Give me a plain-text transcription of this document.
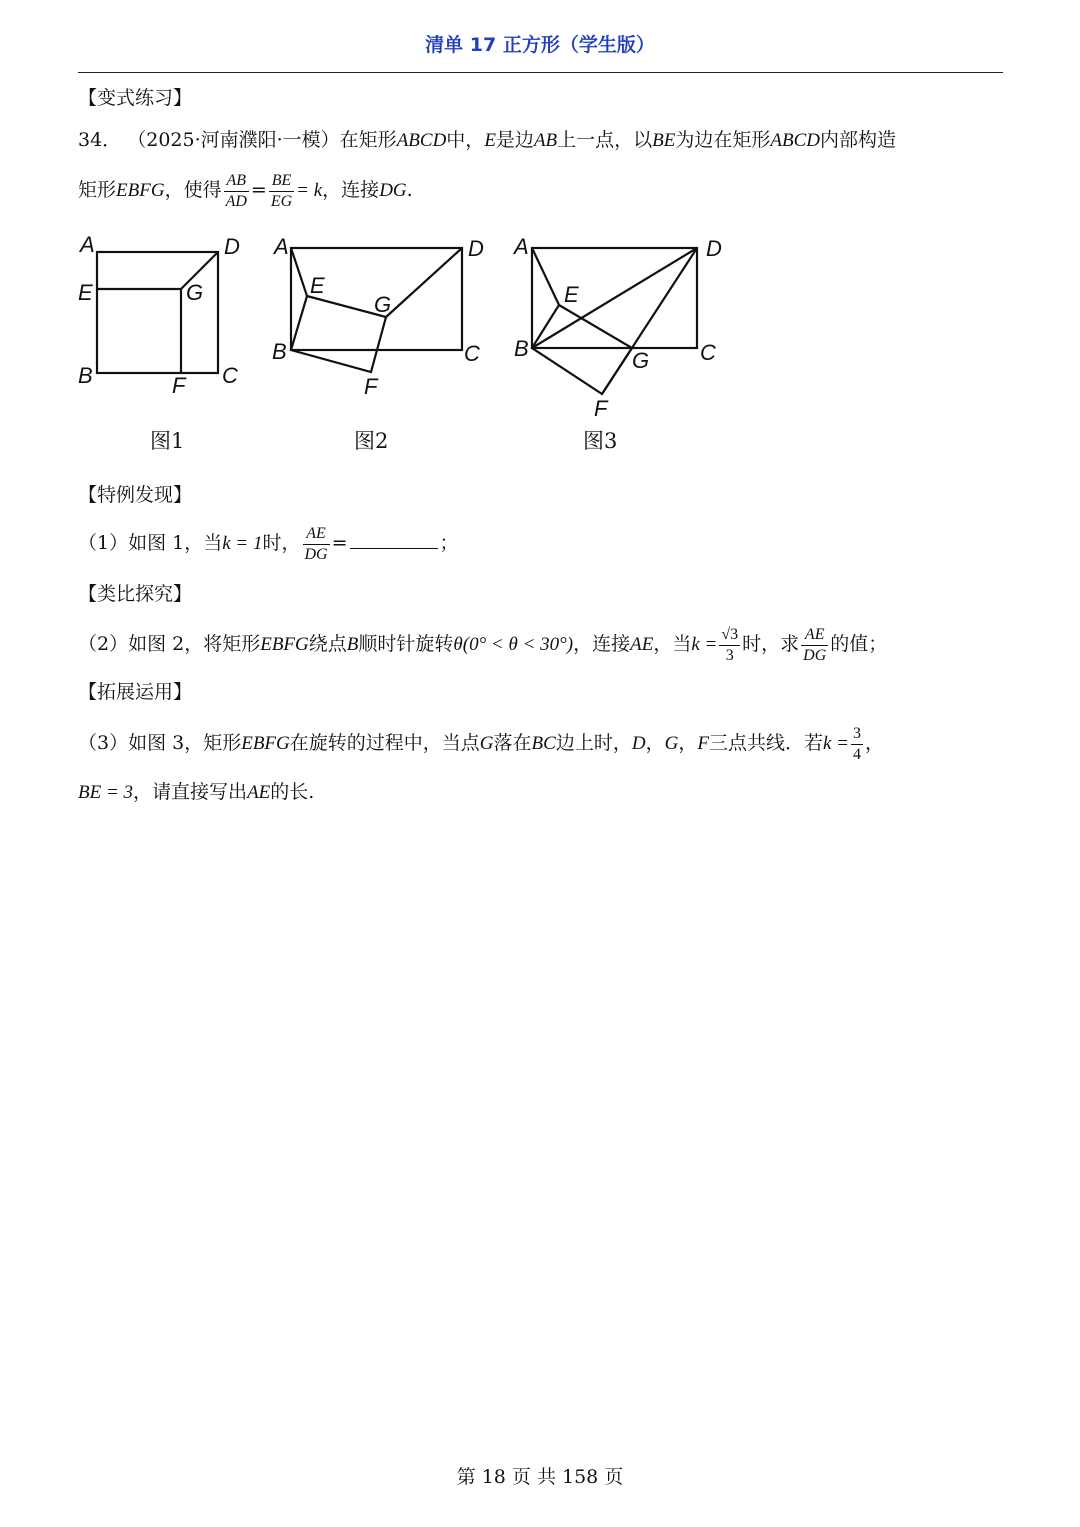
清单 17 正方形（学生版）
【变式练习】
34． （2025·河南濮阳·一模）在矩形ABCD中，E是边AB上一点，以BE为边在矩形ABCD内部构造
矩形EBFG，使得 $\frac{AB}{AD} = \frac{BE}{EG} = k$，连接DG.
A	D
E	G
B	F C
图1
A	D
E
G
B	C
F
图2
A	D
E
B	G C
F
图3
【特例发现】
（1）如图 1，当k = 1时， $\frac{AE}{DG}$ =	；
【类比探究】
（2）如图 2，将矩形EBFG绕点B顺时针旋转θ(0° < θ < 30°)，连接AE，当$k = \frac{√3}{3}$ 时，求 $\frac{AE}{DG}$ 的值；
【拓展运用】
（3）如图 3，矩形EBFG在旋转的过程中，当点G落在BC边上时，D，G，F三点共线．若$k = \frac{3}{4}$ ，
BE = 3，请直接写出AE的长.
第 18 页 共 158 页
